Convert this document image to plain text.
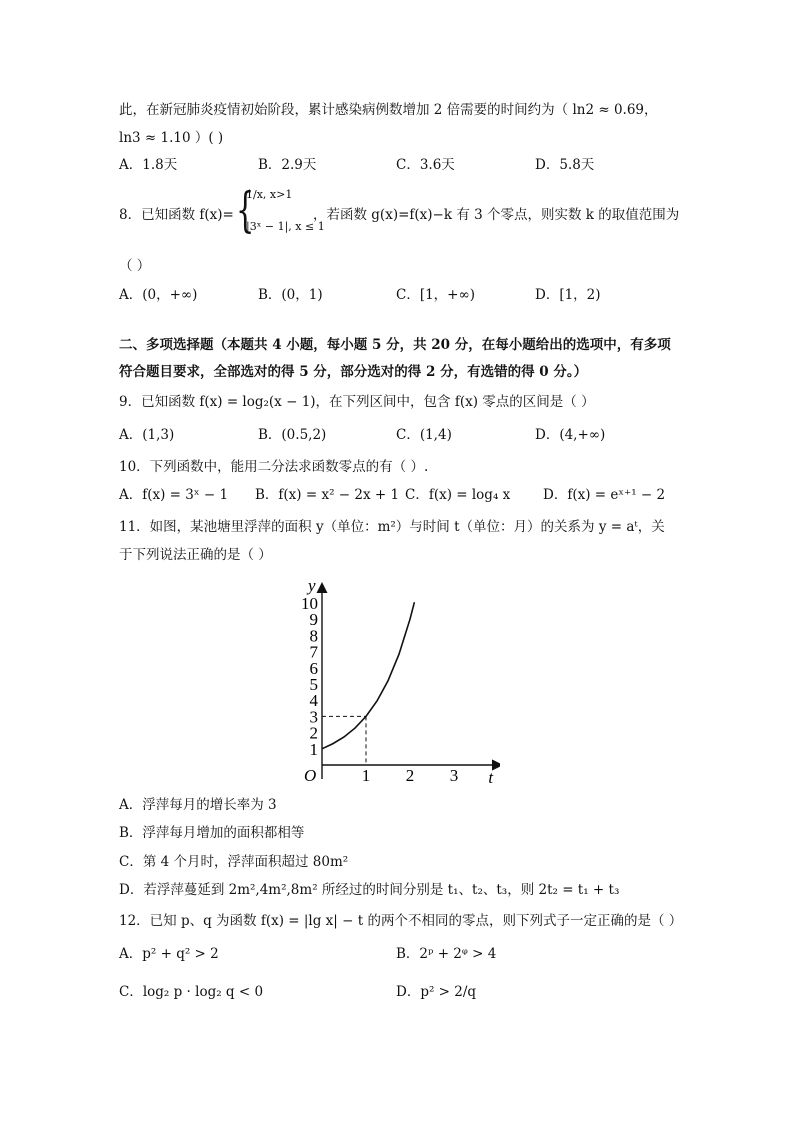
此，在新冠肺炎疫情初始阶段，累计感染病例数增加 2 倍需要的时间约为（ ln2 ≈ 0.69，
ln3 ≈ 1.10 ）( )
A．1.8天	B．2.9天	C．3.6天	D．5.8天
8．已知函数 f(x)= {
1/x, x>1
|3ˣ − 1|, x ≤ 1
，若函数 g(x)=f(x)−k 有 3 个零点，则实数 k 的取值范围为
（ ）
A．(0，+∞)	B．(0，1)	C．[1，+∞)	D．[1，2)
二、多项选择题（本题共 4 小题，每小题 5 分，共 20 分，在每小题给出的选项中，有多项
符合题目要求，全部选对的得 5 分，部分选对的得 2 分，有选错的得 0 分。）
9．已知函数 f(x) = log₂(x − 1)，在下列区间中，包含 f(x) 零点的区间是（ ）
A．(1,3)	B．(0.5,2)	C．(1,4)	D．(4,+∞)
10．下列函数中，能用二分法求函数零点的有（ ）.
A．f(x) = 3ˣ − 1 B．f(x) = x² − 2x + 1 C．f(x) = log₄ x D．f(x) = eˣ⁺¹ − 2
11．如图，某池塘里浮萍的面积 y（单位：m²）与时间 t（单位：月）的关系为 y = aᵗ，关
于下列说法正确的是（ ）
1
2
3
4
5
6
7
8
9
10
1 2 3
y
t
O
A．浮萍每月的增长率为 3
B．浮萍每月增加的面积都相等
C．第 4 个月时，浮萍面积超过 80m²
D．若浮萍蔓延到 2m²,4m²,8m² 所经过的时间分别是 t₁、t₂、t₃，则 2t₂ = t₁ + t₃
12．已知 p、q 为函数 f(x) = |lg x| − t 的两个不相同的零点，则下列式子一定正确的是（ ）
A．p² + q² > 2	B．2ᵖ + 2ᵠ > 4
C．log₂ p · log₂ q < 0	D．p² > 2/q
